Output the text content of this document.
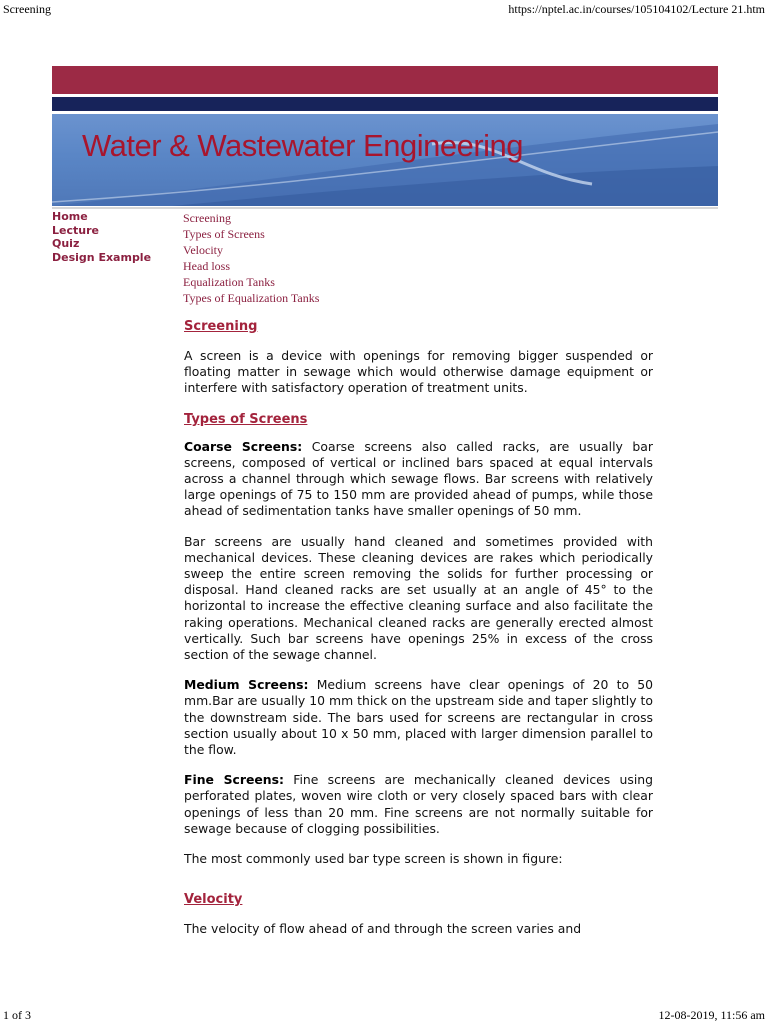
Screening	https://nptel.ac.in/courses/105104102/Lecture 21.htm
Water & Wastewater Engineering
Home
Lecture
Quiz
Design Example
Screening
Types of Screens
Velocity
Head loss
Equalization Tanks
Types of Equalization Tanks
Screening

A screen is a device with openings for removing bigger suspended or floating matter in sewage which would otherwise damage equipment or interfere with satisfactory operation of treatment units.

Types of Screens

Coarse Screens: Coarse screens also called racks, are usually bar screens, composed of vertical or inclined bars spaced at equal intervals across a channel through which sewage flows. Bar screens with relatively large openings of 75 to 150 mm are provided ahead of pumps, while those ahead of sedimentation tanks have smaller openings of 50 mm.

Bar screens are usually hand cleaned and sometimes provided with mechanical devices. These cleaning devices are rakes which periodically sweep the entire screen removing the solids for further processing or disposal. Hand cleaned racks are set usually at an angle of 45° to the horizontal to increase the effective cleaning surface and also facilitate the raking operations. Mechanical cleaned racks are generally erected almost vertically. Such bar screens have openings 25% in excess of the cross section of the sewage channel.

Medium Screens: Medium screens have clear openings of 20 to 50 mm.Bar are usually 10 mm thick on the upstream side and taper slightly to the downstream side. The bars used for screens are rectangular in cross section usually about 10 x 50 mm, placed with larger dimension parallel to the flow.

Fine Screens: Fine screens are mechanically cleaned devices using perforated plates, woven wire cloth or very closely spaced bars with clear openings of less than 20 mm. Fine screens are not normally suitable for sewage because of clogging possibilities.

The most commonly used bar type screen is shown in figure:

Velocity

The velocity of flow ahead of and through the screen varies and

1 of 3	12-08-2019, 11:56 am
